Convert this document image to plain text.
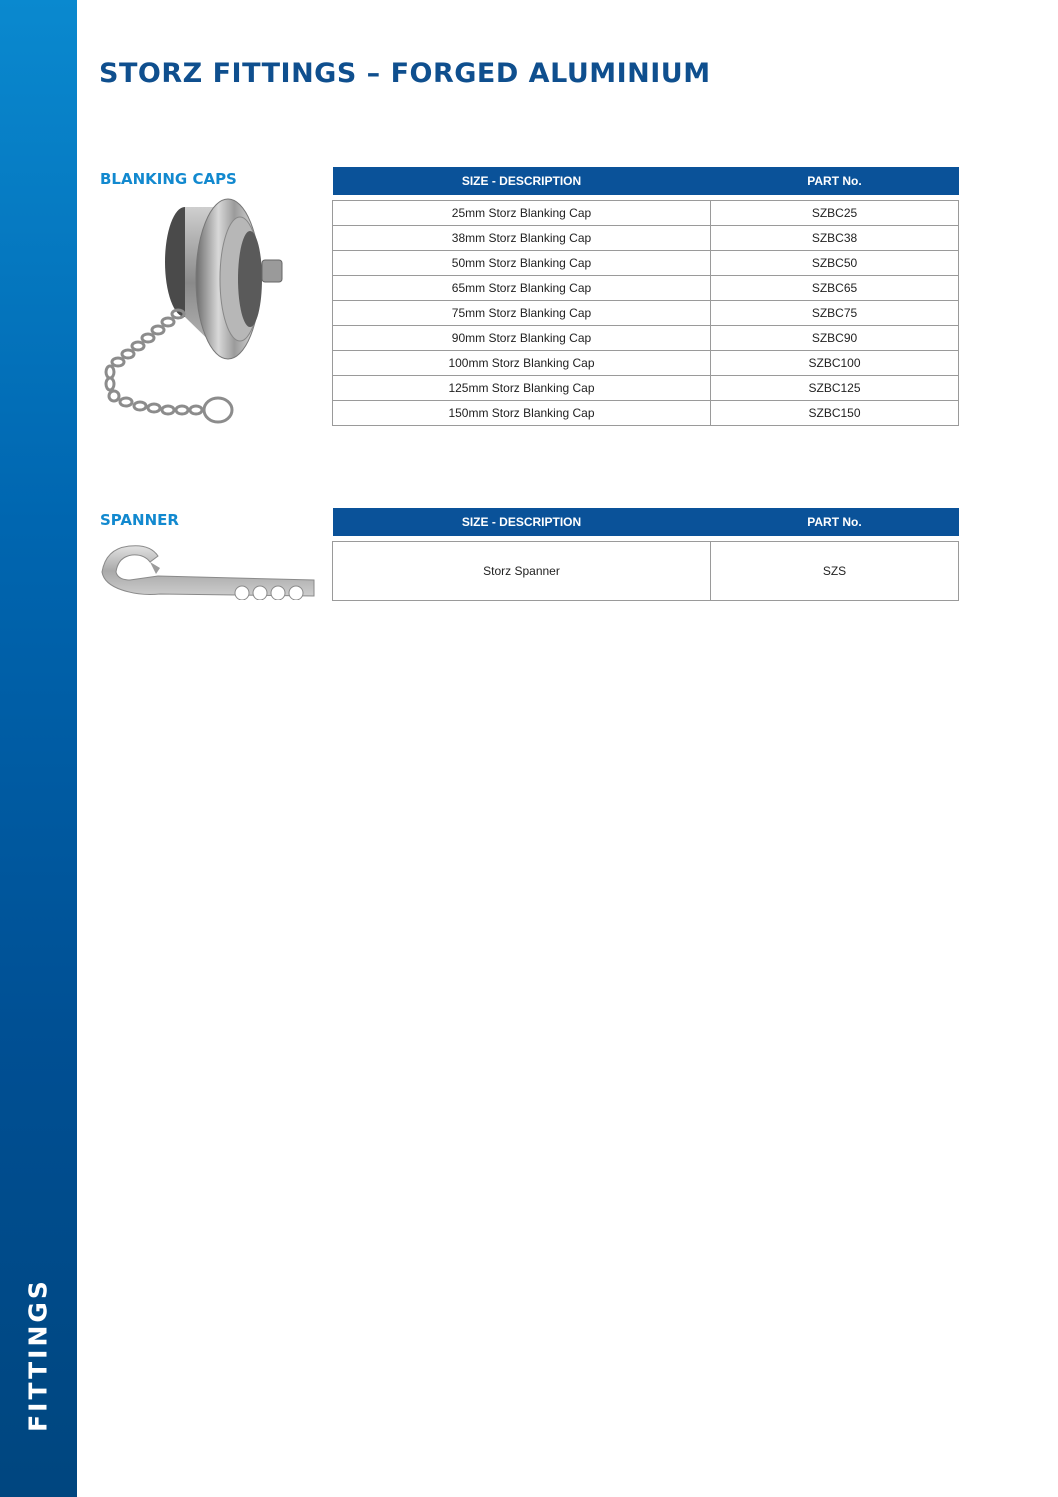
FITTINGS
STORZ FITTINGS – FORGED ALUMINIUM
BLANKING CAPS	SIZE - DESCRIPTION	PART No.

25mm Storz Blanking Cap	SZBC25
38mm Storz Blanking Cap	SZBC38
50mm Storz Blanking Cap	SZBC50
65mm Storz Blanking Cap	SZBC65
75mm Storz Blanking Cap	SZBC75
90mm Storz Blanking Cap	SZBC90
100mm Storz Blanking Cap	SZBC100
125mm Storz Blanking Cap	SZBC125
150mm Storz Blanking Cap	SZBC150
SPANNER	SIZE - DESCRIPTION	PART No.

Storz Spanner	SZS
